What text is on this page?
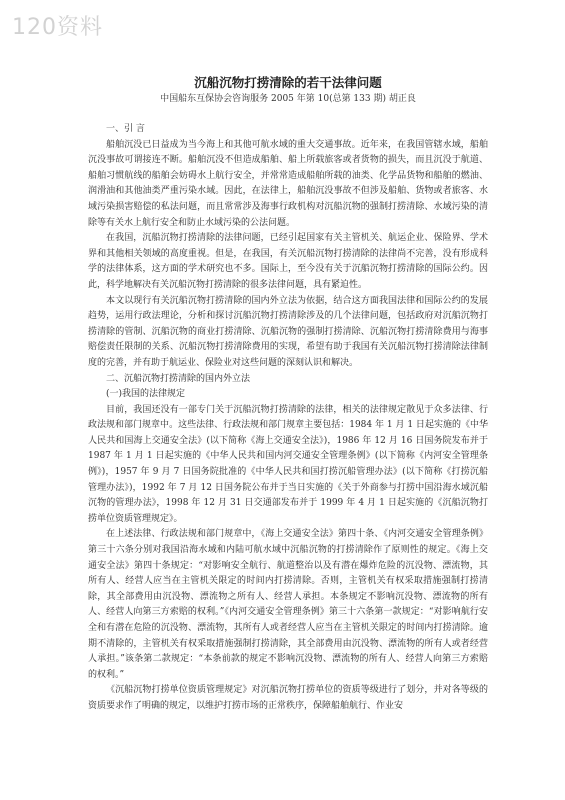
120资料
沉船沉物打捞清除的若干法律问题
中国船东互保协会咨询服务 2005 年第 10(总第 133 期) 胡正良

一、引 言

船舶沉没已日益成为当今海上和其他可航水域的重大交通事故。近年来，在我国管辖水域，船舶沉没事故可谓接连不断。船舶沉没不但造成船舶、船上所载旅客或者货物的损失，而且沉没于航道、船舶习惯航线的船舶会妨碍水上航行安全，并常常造成船舶所载的油类、化学品货物和船舶的燃油、润滑油和其他油类严重污染水域。因此，在法律上，船舶沉没事故不但涉及船舶、货物或者旅客、水域污染损害赔偿的私法问题，而且常常涉及海事行政机构对沉船沉物的强制打捞清除、水域污染的清除等有关水上航行安全和防止水域污染的公法问题。

在我国，沉船沉物打捞清除的法律问题，已经引起国家有关主管机关、航运企业、保险界、学术界和其他相关领域的高度重视。但是，在我国，有关沉船沉物打捞清除的法律尚不完善，没有形成科学的法律体系，这方面的学术研究也不多。国际上，至今没有关于沉船沉物打捞清除的国际公约。因此，科学地解决有关沉船沉物打捞清除的很多法律问题，具有紧迫性。

本文以现行有关沉船沉物打捞清除的国内外立法为依据，结合这方面我国法律和国际公约的发展趋势，运用行政法理论，分析和探讨沉船沉物打捞清除涉及的几个法律问题，包括政府对沉船沉物打捞清除的管制、沉船沉物的商业打捞清除、沉船沉物的强制打捞清除、沉船沉物打捞清除费用与海事赔偿责任限制的关系、沉船沉物打捞清除费用的实现，希望有助于我国有关沉船沉物打捞清除法律制度的完善，并有助于航运业、保险业对这些问题的深刻认识和解决。

二、沉船沉物打捞清除的国内外立法

(一)我国的法律规定

目前，我国还没有一部专门关于沉船沉物打捞清除的法律，相关的法律规定散见于众多法律、行政法规和部门规章中。这些法律、行政法规和部门规章主要包括：1984 年 1 月 1 日起实施的《中华人民共和国海上交通安全法》(以下简称《海上交通安全法》)，1986 年 12 月 16 日国务院发布并于 1987 年 1 月 1 日起实施的《中华人民共和国内河交通安全管理条例》(以下简称《内河安全管理条例》)，1957 年 9 月 7 日国务院批准的《中华人民共和国打捞沉船管理办法》(以下简称《打捞沉船管理办法》)，1992 年 7 月 12 日国务院公布并于当日实施的《关于外商参与打捞中国沿海水域沉船沉物的管理办法》，1998 年 12 月 31 日交通部发布并于 1999 年 4 月 1 日起实施的《沉船沉物打捞单位资质管理规定》。

在上述法律、行政法规和部门规章中，《海上交通安全法》第四十条、《内河交通安全管理条例》第三十六条分别对我国沿海水域和内陆可航水域中沉船沉物的打捞清除作了原则性的规定。《海上交通安全法》第四十条规定：“对影响安全航行、航道整治以及有潜在爆炸危险的沉没物、漂流物，其所有人、经营人应当在主管机关限定的时间内打捞清除。否则，主管机关有权采取措施强制打捞清除，其全部费用由沉没物、漂流物之所有人、经营人承担。本条规定不影响沉没物、漂流物的所有人、经营人向第三方索赔的权利。”《内河交通安全管理条例》第三十六条第一款规定：“对影响航行安全和有潜在危险的沉没物、漂流物，其所有人或者经营人应当在主管机关限定的时间内打捞清除。逾期不清除的，主管机关有权采取措施强制打捞清除，其全部费用由沉没物、漂流物的所有人或者经营人承担。”该条第二款规定：“本条前款的规定不影响沉没物、漂流物的所有人、经营人向第三方索赔的权利。”

《沉船沉物打捞单位资质管理规定》对沉船沉物打捞单位的资质等级进行了划分，并对各等级的资质要求作了明确的规定，以维护打捞市场的正常秩序，保障船舶航行、作业安
